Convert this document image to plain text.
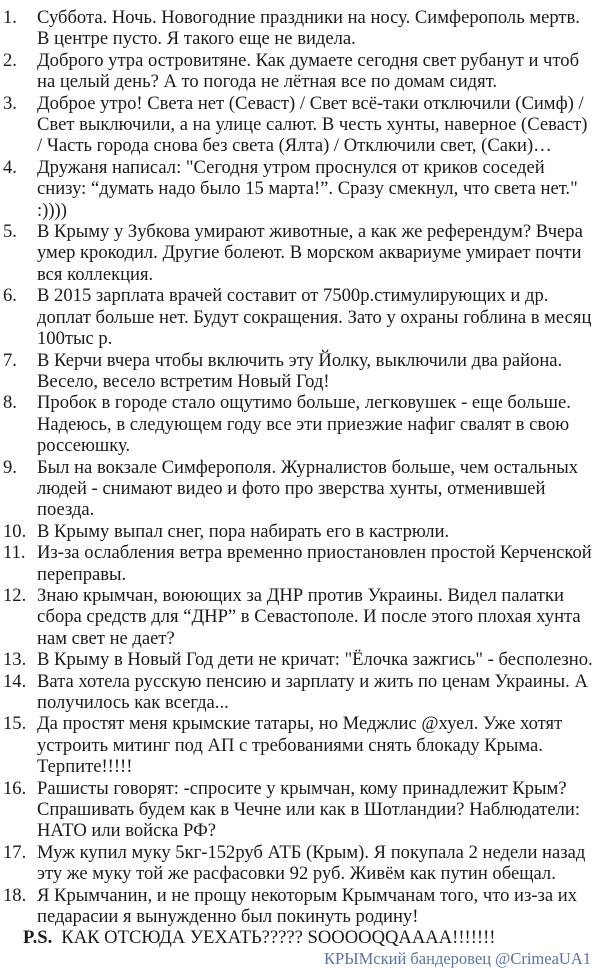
1. Суббота. Ночь. Новогодние праздники на носу. Симферополь мертв. В центре пусто. Я такого еще не видела.
2. Доброго утра островитяне. Как думаете сегодня свет рубанут и чтоб на целый день? А то погода не лётная все по домам сидят.
3. Доброе утро! Света нет (Севаст) / Свет всё-таки отключили (Симф) / Свет выключили, а на улице салют. В честь хунты, наверное (Севаст) / Часть города снова без света (Ялта) / Отключили свет, (Саки)…
4. Дружаня написал: "Сегодня утром проснулся от криков соседей снизу: “думать надо было 15 марта!”. Сразу смекнул, что света нет." :))))
5. В Крыму у Зубкова умирают животные, а как же референдум? Вчера умер крокодил. Другие болеют. В морском аквариуме умирает почти вся коллекция.
6. В 2015 зарплата врачей составит от 7500р.стимулирующих и др. доплат больше нет. Будут сокращения. Зато у охраны гоблина в месяц 100тыс р.
7. В Керчи вчера чтобы включить эту Йолку, выключили два района. Весело, весело встретим Новый Год!
8. Пробок в городе стало ощутимо больше, легковушек - еще больше. Надеюсь, в следующем году все эти приезжие нафиг свалят в свою россеюшку.
9. Был на вокзале Симферополя. Журналистов больше, чем остальных людей - снимают видео и фото про зверства хунты, отменившей поезда.
10. В Крыму выпал снег, пора набирать его в кастрюли.
11. Из-за ослабления ветра временно приостановлен простой Керченской переправы.
12. Знаю крымчан, воюющих за ДНР против Украины. Видел палатки сбора средств для “ДНР” в Севастополе. И после этого плохая хунта нам свет не дает?
13. В Крыму в Новый Год дети не кричат: "Ёлочка зажгись" - бесполезно.
14. Вата хотела русскую пенсию и зарплату и жить по ценам Украины. А получилось как всегда...
15. Да простят меня крымские татары, но Меджлис @хуел. Уже хотят устроить митинг под АП с требованиями снять блокаду Крыма. Терпите!!!!!
16. Рашисты говорят: -спросите у крымчан, кому принадлежит Крым? Спрашивать будем как в Чечне или как в Шотландии? Наблюдатели: НАТО или войска РФ?
17. Муж купил муку 5кг-152руб АТБ (Крым). Я покупала 2 недели назад эту же муку той же расфасовки 92 руб. Живём как путин обещал.
18. Я Крымчанин, и не прощу некоторым Крымчанам того, что из-за их педарасии я вынужденно был покинуть родину!
P.S. КАК ОТСЮДА УЕХАТЬ????? SOOOOQQAAAA!!!!!!!
КРЫМский бандеровец @CrimeaUA1
